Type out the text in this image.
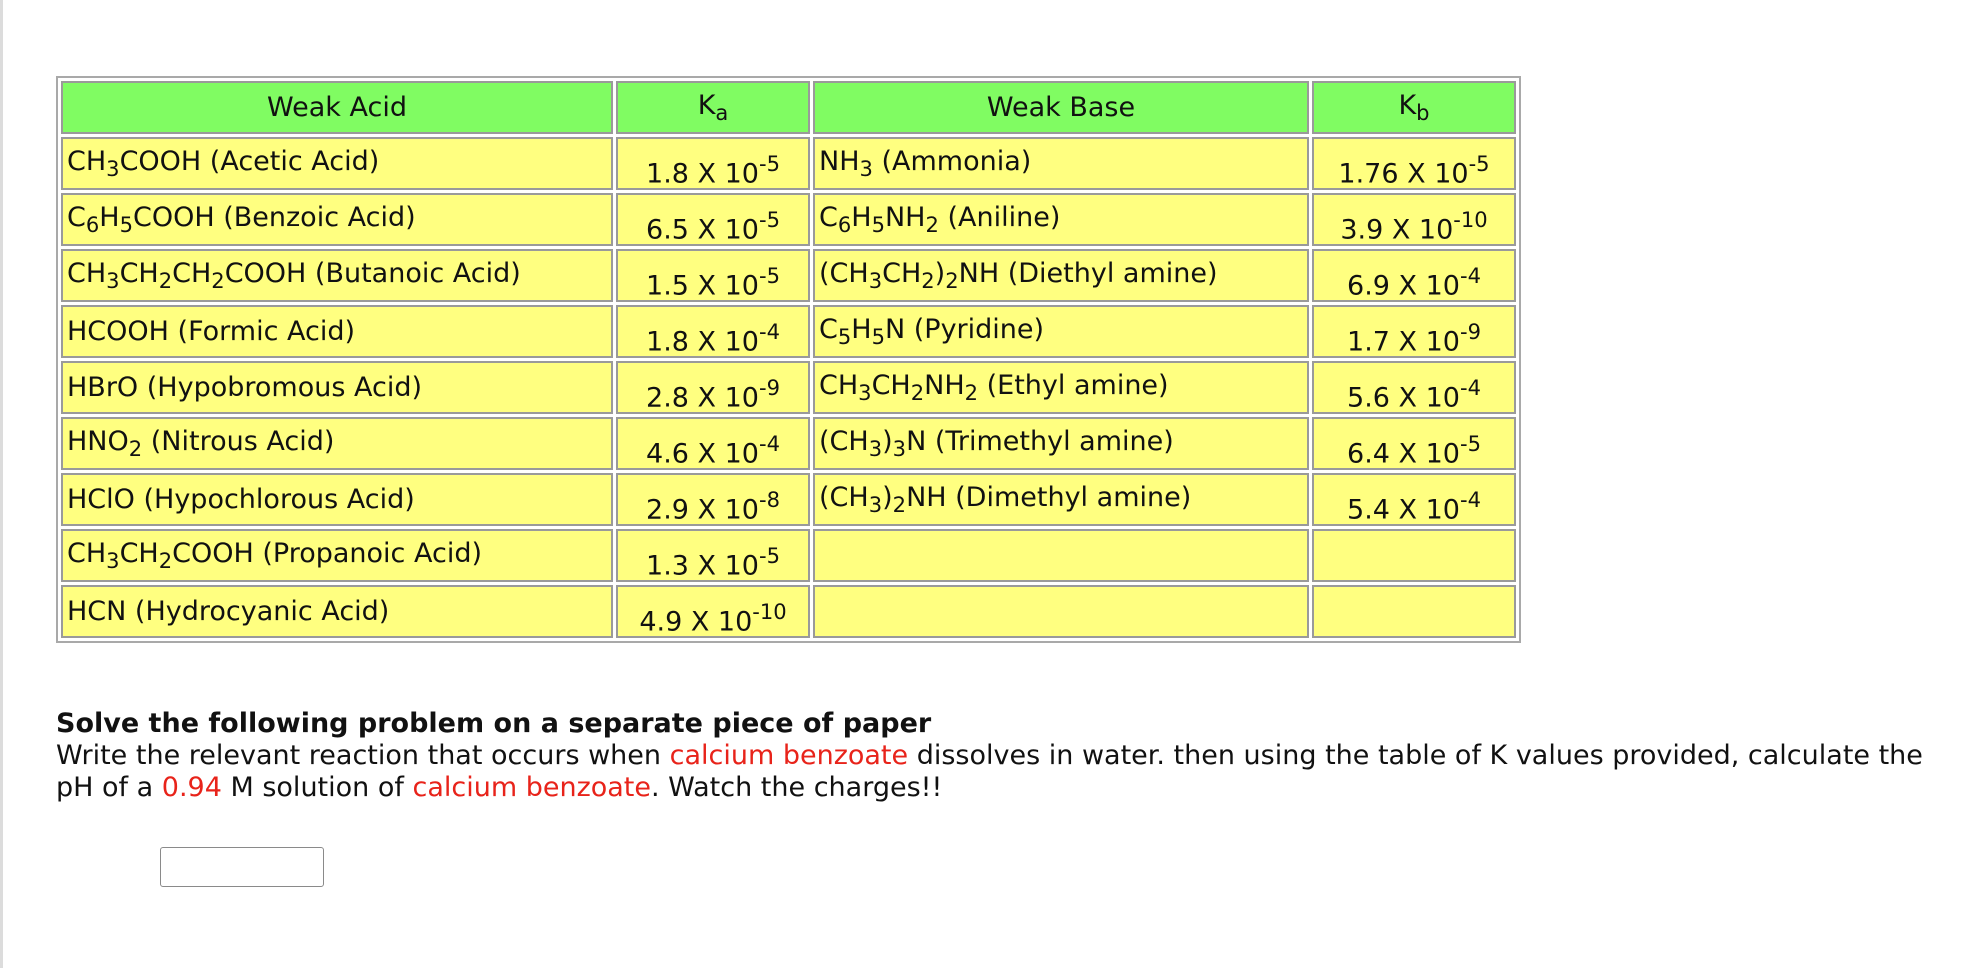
Weak Acid	$K_a$	Weak Base	$K_b$
$CH_3COOH$ (Acetic Acid)	1.8 X $10^{-5}$	$NH_3$ (Ammonia)	1.76 X $10^{-5}$
$C_6H_5COOH$ (Benzoic Acid)	6.5 X $10^{-5}$	$C_6H_5NH_2$ (Aniline)	3.9 X $10^{-10}$
$CH_3CH_2CH_2COOH$ (Butanoic Acid)	1.5 X $10^{-5}$	$(CH_3CH_2)_2NH$ (Diethyl amine)	6.9 X $10^{-4}$
HCOOH (Formic Acid)	1.8 X $10^{-4}$	$C_5H_5N$ (Pyridine)	1.7 X $10^{-9}$
HBrO (Hypobromous Acid)	2.8 X $10^{-9}$	$CH_3CH_2NH_2$ (Ethyl amine)	5.6 X $10^{-4}$
$HNO_2$ (Nitrous Acid)	4.6 X $10^{-4}$	$(CH_3)_3N$ (Trimethyl amine)	6.4 X $10^{-5}$
HClO (Hypochlorous Acid)	2.9 X $10^{-8}$	$(CH_3)_2NH$ (Dimethyl amine)	5.4 X $10^{-4}$
$CH_3CH_2COOH$ (Propanoic Acid)	1.3 X $10^{-5}$		
HCN (Hydrocyanic Acid)	4.9 X $10^{-10}$		
Solve the following problem on a separate piece of paper
Write the relevant reaction that occurs when calcium benzoate dissolves in water. then using the table of K values provided, calculate the pH of a 0.94 M solution of calcium benzoate. Watch the charges!!
